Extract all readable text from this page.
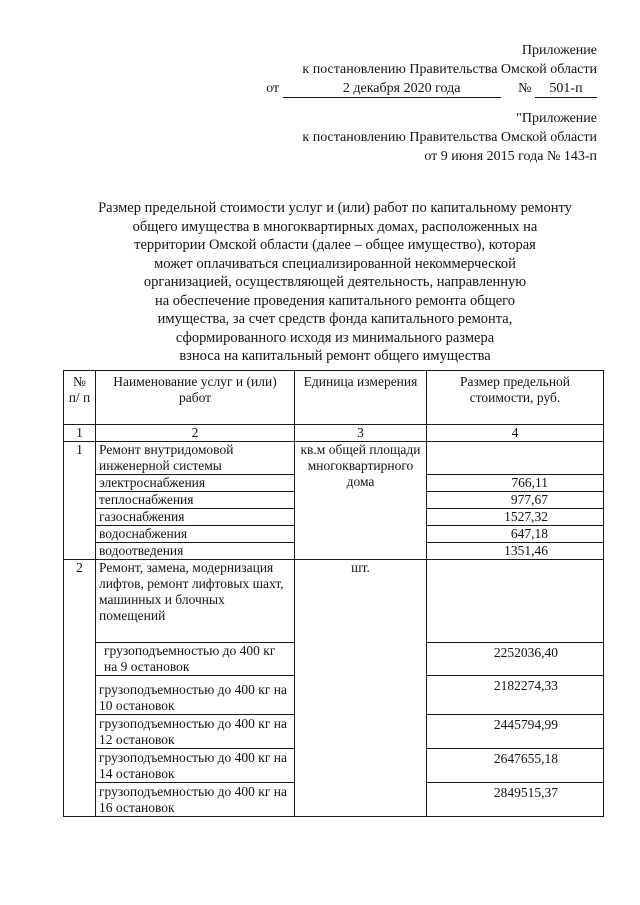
Приложение
к постановлению Правительства Омской области
от	2 декабря 2020 года	№ 501-п
"Приложение
к постановлению Правительства Омской области
от 9 июня 2015 года № 143-п
Размер предельной стоимости услуг и (или) работ по капитальному ремонту
общего имущества в многоквартирных домах, расположенных на
территории Омской области (далее – общее имущество), которая
может оплачиваться специализированной некоммерческой
организацией, осуществляющей деятельность, направленную
на обеспечение проведения капитального ремонта общего
имущества, за счет средств фонда капитального ремонта,
сформированного исходя из минимального размера
взноса на капитальный ремонт общего имущества
№ п/ п	Наименование услуг и (или) работ	Единица измерения	Размер предельной стоимости, руб.
1	2	3	4
1	Ремонт внутридомовой инженерной системы	кв.м общей площади многоквартирного дома	
	электроснабжения		766,11
	теплоснабжения		977,67
	газоснабжения		1527,32
	водоснабжения		647,18
	водоотведения		1351,46
2	Ремонт, замена, модернизация лифтов, ремонт лифтовых шахт, машинных и блочных помещений	шт.	
	грузоподъемностью до 400 кг на 9 остановок		2252036,40
	грузоподъемностью до 400 кг на 10 остановок		2182274,33
	грузоподъемностью до 400 кг на 12 остановок		2445794,99
	грузоподъемностью до 400 кг на 14 остановок		2647655,18
	грузоподъемностью до 400 кг на 16 остановок		2849515,37
